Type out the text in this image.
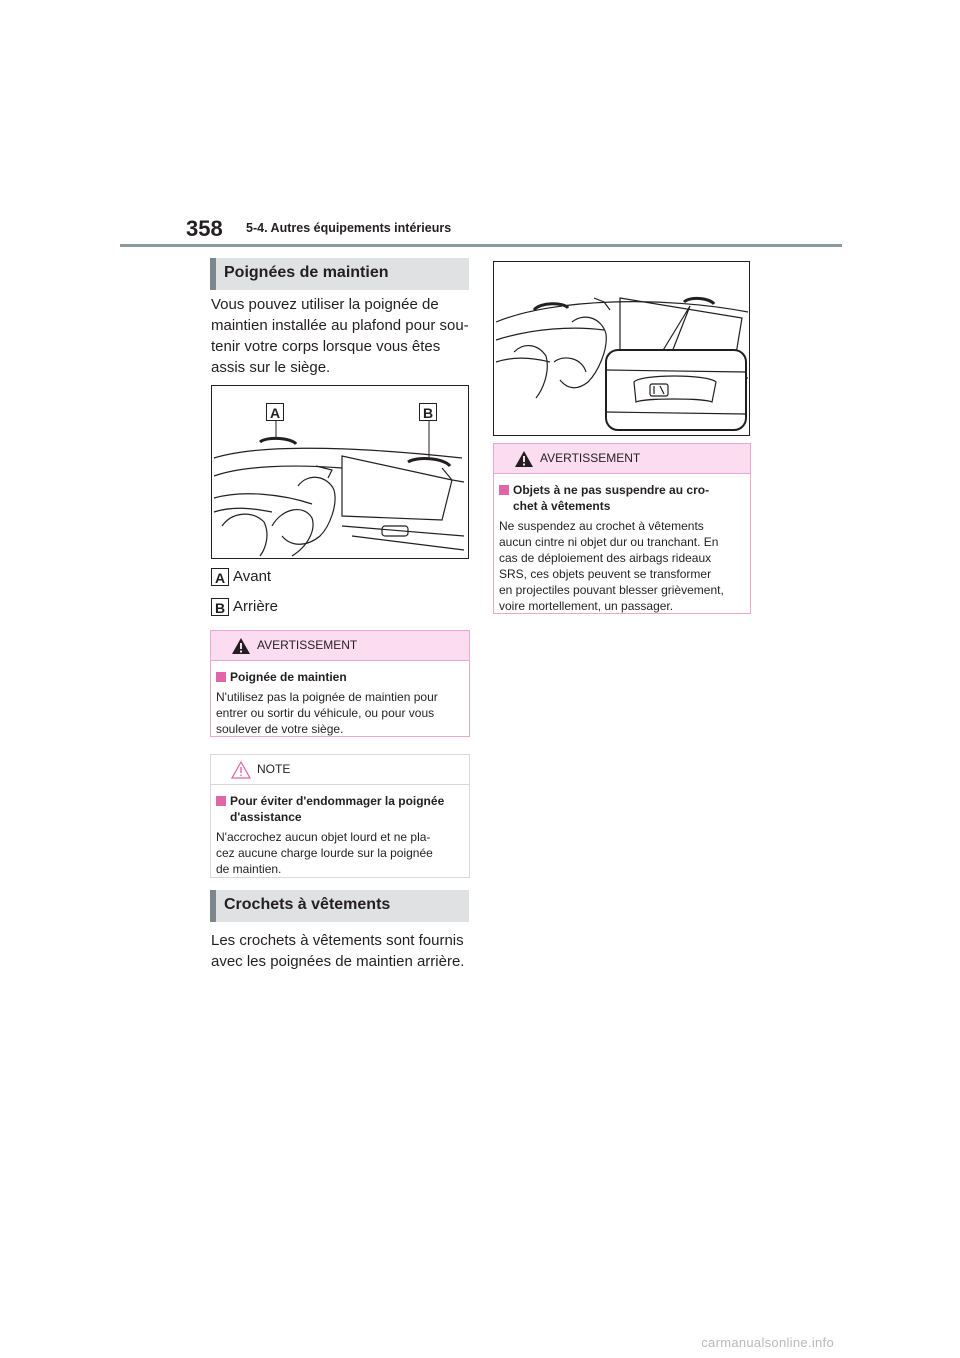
358 5-4. Autres équipements intérieurs
Poignées de maintien
Vous pouvez utiliser la poignée de
maintien installée au plafond pour sou-
tenir votre corps lorsque vous êtes
assis sur le siège.
A	B
A Avant
B Arrière
AVERTISSEMENT
Poignée de maintien
N'utilisez pas la poignée de maintien pour
entrer ou sortir du véhicule, ou pour vous
soulever de votre siège.
NOTE
Pour éviter d'endommager la poignée
d'assistance
N'accrochez aucun objet lourd et ne pla-
cez aucune charge lourde sur la poignée
de maintien.
Crochets à vêtements
Les crochets à vêtements sont fournis
avec les poignées de maintien arrière.
AVERTISSEMENT
Objets à ne pas suspendre au cro-
chet à vêtements
Ne suspendez au crochet à vêtements
aucun cintre ni objet dur ou tranchant. En
cas de déploiement des airbags rideaux
SRS, ces objets peuvent se transformer
en projectiles pouvant blesser grièvement,
voire mortellement, un passager.
carmanualsonline.info
